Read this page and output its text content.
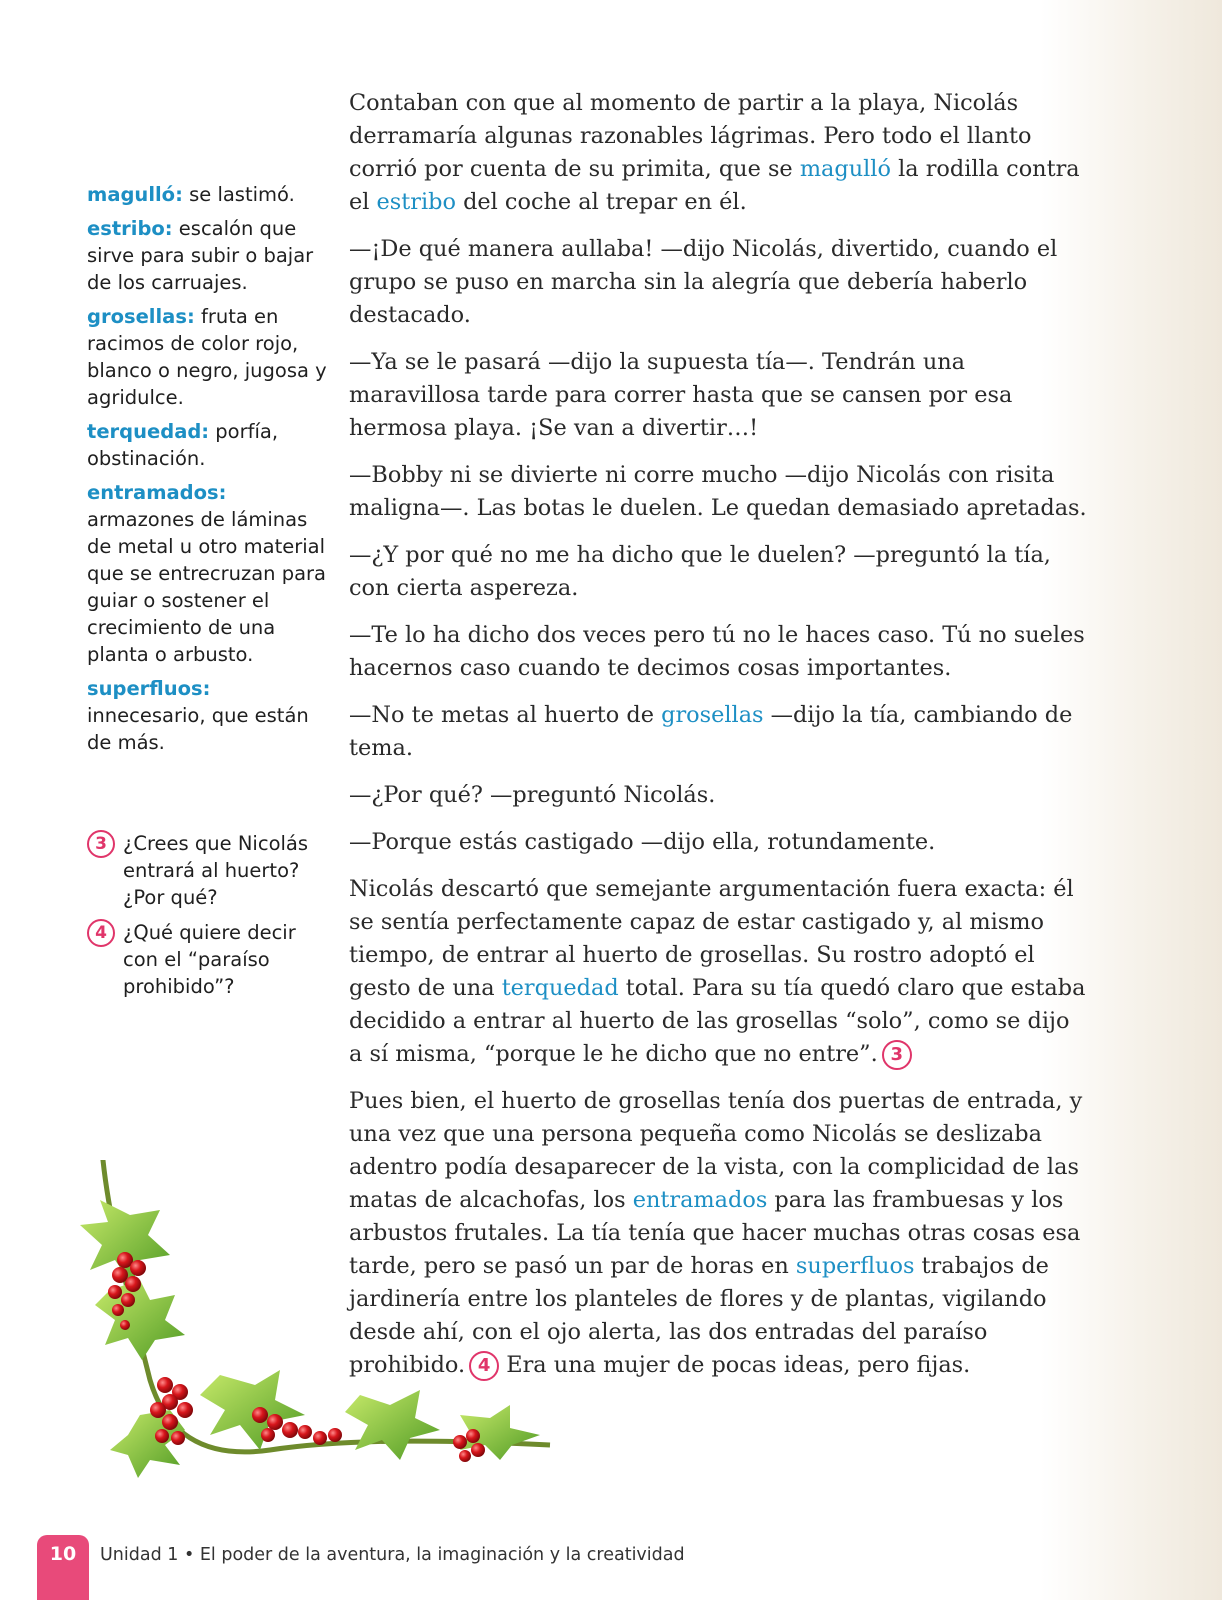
magulló: se lastimó.
estribo: escalón que sirve para subir o bajar de los carruajes.
grosellas: fruta en racimos de color rojo, blanco o negro, jugosa y agridulce.
terquedad: porfía, obstinación.
entramados: armazones de láminas de metal u otro material que se entrecruzan para guiar o sostener el crecimiento de una planta o arbusto.
superfluos: innecesario, que están de más.
3 ¿Crees que Nicolás entrará al huerto? ¿Por qué?
4 ¿Qué quiere decir con el “paraíso prohibido”?

Contaban con que al momento de partir a la playa, Nicolás derramaría algunas razonables lágrimas. Pero todo el llanto corrió por cuenta de su primita, que se magulló la rodilla contra el estribo del coche al trepar en él.

—¡De qué manera aullaba! —dijo Nicolás, divertido, cuando el grupo se puso en marcha sin la alegría que debería haberlo destacado.

—Ya se le pasará —dijo la supuesta tía—. Tendrán una maravillosa tarde para correr hasta que se cansen por esa hermosa playa. ¡Se van a divertir…!

—Bobby ni se divierte ni corre mucho —dijo Nicolás con risita maligna—. Las botas le duelen. Le quedan demasiado apretadas.

—¿Y por qué no me ha dicho que le duelen? —preguntó la tía, con cierta aspereza.

—Te lo ha dicho dos veces pero tú no le haces caso. Tú no sueles hacernos caso cuando te decimos cosas importantes.

—No te metas al huerto de grosellas —dijo la tía, cambiando de tema.

—¿Por qué? —preguntó Nicolás.

—Porque estás castigado —dijo ella, rotundamente.

Nicolás descartó que semejante argumentación fuera exacta: él se sentía perfectamente capaz de estar castigado y, al mismo tiempo, de entrar al huerto de grosellas. Su rostro adoptó el gesto de una terquedad total. Para su tía quedó claro que estaba decidido a entrar al huerto de las grosellas “solo”, como se dijo a sí misma, “porque le he dicho que no entre”. 3

Pues bien, el huerto de grosellas tenía dos puertas de entrada, y una vez que una persona pequeña como Nicolás se deslizaba adentro podía desaparecer de la vista, con la complicidad de las matas de alcachofas, los entramados para las frambuesas y los arbustos frutales. La tía tenía que hacer muchas otras cosas esa tarde, pero se pasó un par de horas en superfluos trabajos de jardinería entre los planteles de flores y de plantas, vigilando desde ahí, con el ojo alerta, las dos entradas del paraíso prohibido. 4 Era una mujer de pocas ideas, pero fijas.

10	Unidad 1 • El poder de la aventura, la imaginación y la creatividad
